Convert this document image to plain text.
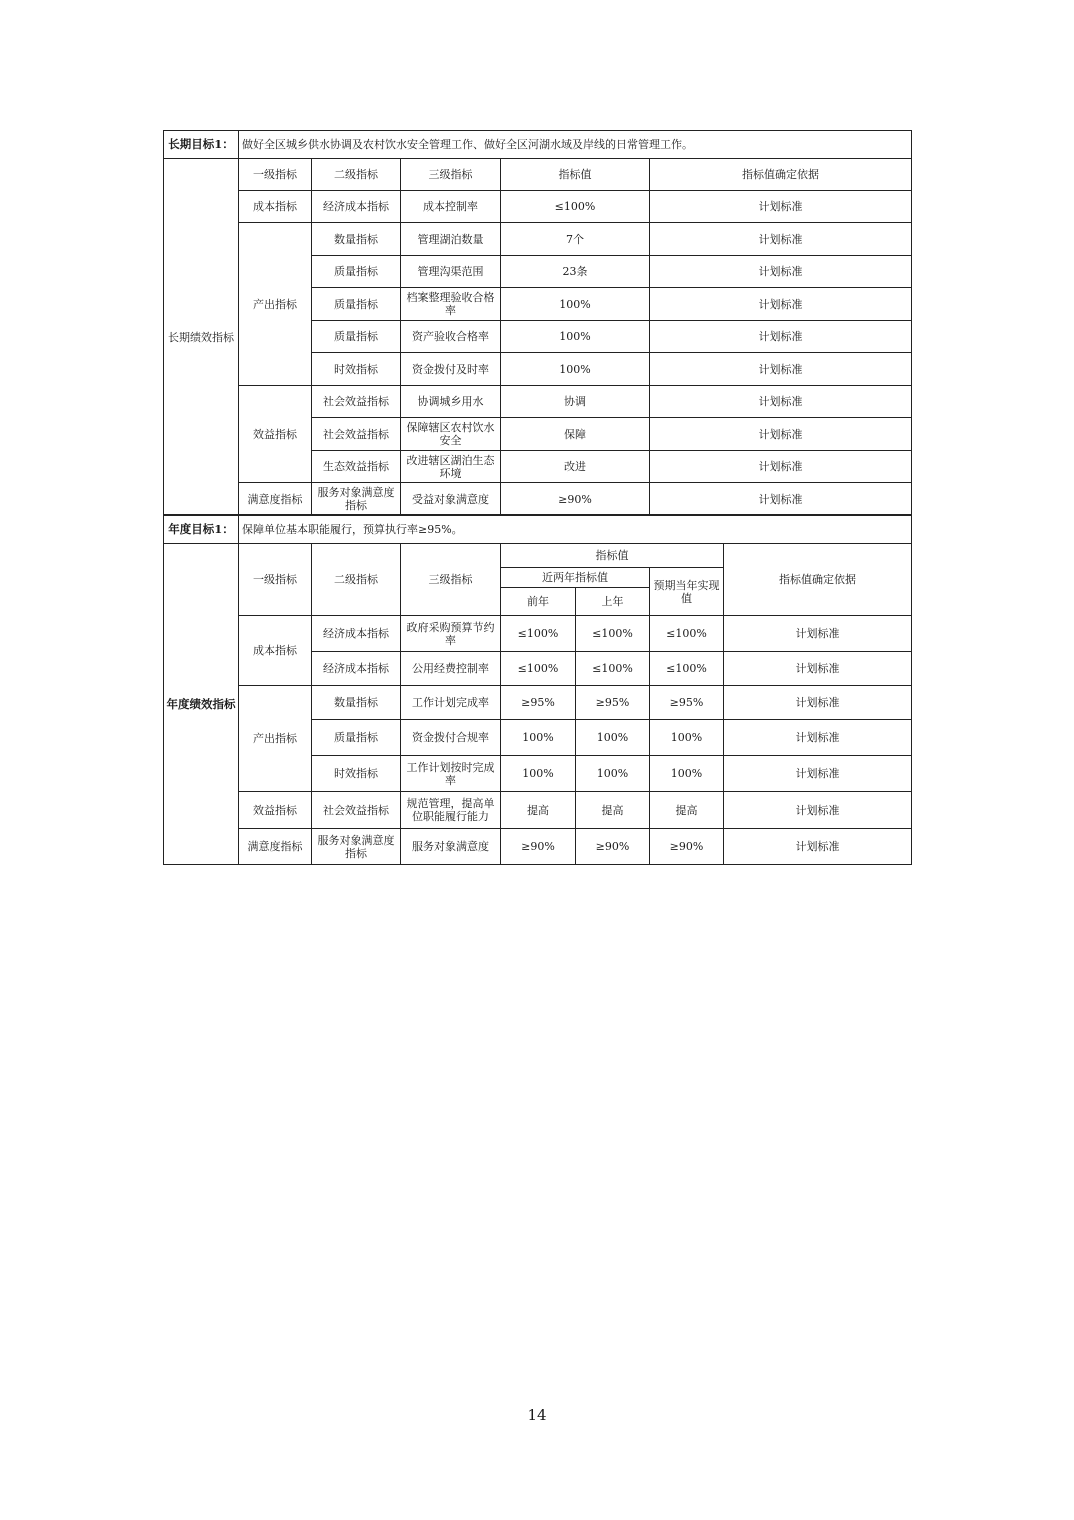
长期目标1：	做好全区城乡供水协调及农村饮水安全管理工作、做好全区河湖水域及岸线的日常管理工作。				
长期绩效指标	一级指标	二级指标	三级指标	指标值	指标值确定依据
	成本指标	经济成本指标	成本控制率	≤100%	计划标准
	产出指标	数量指标	管理湖泊数量	7个	计划标准
		质量指标	管理沟渠范围	23条	计划标准
		质量指标	档案整理验收合格率	100%	计划标准
		质量指标	资产验收合格率	100%	计划标准
		时效指标	资金拨付及时率	100%	计划标准
	效益指标	社会效益指标	协调城乡用水	协调	计划标准
		社会效益指标	保障辖区农村饮水安全	保障	计划标准
		生态效益指标	改进辖区湖泊生态环境	改进	计划标准
	满意度指标	服务对象满意度指标	受益对象满意度	≥90%	计划标准
年度目标1：	保障单位基本职能履行，预算执行率≥95%。						
年度绩效指标	一级指标	二级指标	三级指标	指标值			指标值确定依据
				近两年指标值		预期当年实现值	
				前年	上年		
	成本指标	经济成本指标	政府采购预算节约率	≤100%	≤100%	≤100%	计划标准
		经济成本指标	公用经费控制率	≤100%	≤100%	≤100%	计划标准
	产出指标	数量指标	工作计划完成率	≥95%	≥95%	≥95%	计划标准
		质量指标	资金拨付合规率	100%	100%	100%	计划标准
		时效指标	工作计划按时完成率	100%	100%	100%	计划标准
	效益指标	社会效益指标	规范管理，提高单位职能履行能力	提高	提高	提高	计划标准
	满意度指标	服务对象满意度指标	服务对象满意度	≥90%	≥90%	≥90%	计划标准
14
